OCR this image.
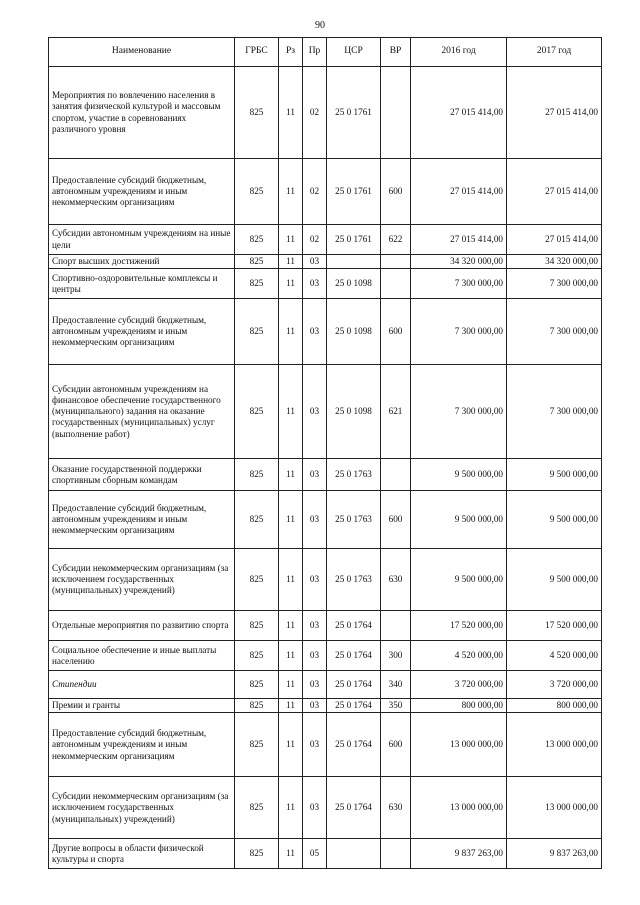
90
Наименование	ГРБС	Рз	Пр	ЦСР	ВР	2016 год	2017 год
Мероприятия по вовлечению населения в занятия физической культурой и массовым спортом, участие в соревнованиях различного уровня	825	11	02	25 0 1761		27 015 414,00	27 015 414,00
Предоставление субсидий бюджетным, автономным учреждениям и иным некоммерческим организациям	825	11	02	25 0 1761	600	27 015 414,00	27 015 414,00
Субсидии автономным учреждениям на иные цели	825	11	02	25 0 1761	622	27 015 414,00	27 015 414,00
Спорт высших достижений	825	11	03			34 320 000,00	34 320 000,00
Спортивно-оздоровительные комплексы и центры	825	11	03	25 0 1098		7 300 000,00	7 300 000,00
Предоставление субсидий бюджетным, автономным учреждениям и иным некоммерческим организациям	825	11	03	25 0 1098	600	7 300 000,00	7 300 000,00
Субсидии автономным учреждениям на финансовое обеспечение государственного (муниципального) задания на оказание государственных (муниципальных) услуг (выполнение работ)	825	11	03	25 0 1098	621	7 300 000,00	7 300 000,00
Оказание государственной поддержки спортивным сборным командам	825	11	03	25 0 1763		9 500 000,00	9 500 000,00
Предоставление субсидий бюджетным, автономным учреждениям и иным некоммерческим организациям	825	11	03	25 0 1763	600	9 500 000,00	9 500 000,00
Субсидии некоммерческим организациям (за исключением государственных (муниципальных) учреждений)	825	11	03	25 0 1763	630	9 500 000,00	9 500 000,00
Отдельные мероприятия по развитию спорта	825	11	03	25 0 1764		17 520 000,00	17 520 000,00
Социальное обеспечение и иные выплаты населению	825	11	03	25 0 1764	300	4 520 000,00	4 520 000,00
Стипендии	825	11	03	25 0 1764	340	3 720 000,00	3 720 000,00
Премии и гранты	825	11	03	25 0 1764	350	800 000,00	800 000,00
Предоставление субсидий бюджетным, автономным учреждениям и иным некоммерческим организациям	825	11	03	25 0 1764	600	13 000 000,00	13 000 000,00
Субсидии некоммерческим организациям (за исключением государственных (муниципальных) учреждений)	825	11	03	25 0 1764	630	13 000 000,00	13 000 000,00
Другие вопросы в области физической культуры и спорта	825	11	05			9 837 263,00	9 837 263,00
